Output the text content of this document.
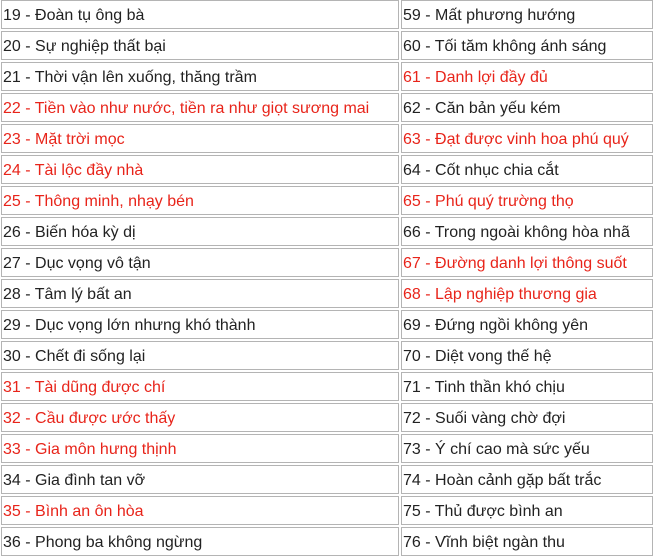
19 - Đoàn tụ ông bà	59 - Mất phương hướng
20 - Sự nghiệp thất bại	60 - Tối tăm không ánh sáng
21 - Thời vận lên xuống, thăng trầm	61 - Danh lợi đầy đủ
22 - Tiền vào như nước, tiền ra như giọt sương mai	62 - Căn bản yếu kém
23 - Mặt trời mọc	63 - Đạt được vinh hoa phú quý
24 - Tài lộc đầy nhà	64 - Cốt nhục chia cắt
25 - Thông minh, nhạy bén	65 - Phú quý trường thọ
26 - Biến hóa kỳ dị	66 - Trong ngoài không hòa nhã
27 - Dục vọng vô tận	67 - Đường danh lợi thông suốt
28 - Tâm lý bất an	68 - Lập nghiệp thương gia
29 - Dục vọng lớn nhưng khó thành	69 - Đứng ngồi không yên
30 - Chết đi sống lại	70 - Diệt vong thế hệ
31 - Tài dũng được chí	71 - Tinh thần khó chịu
32 - Cầu được ước thấy	72 - Suối vàng chờ đợi
33 - Gia môn hưng thịnh	73 - Ý chí cao mà sức yếu
34 - Gia đình tan vỡ	74 - Hoàn cảnh gặp bất trắc
35 - Bình an ôn hòa	75 - Thủ được bình an
36 - Phong ba không ngừng	76 - Vĩnh biệt ngàn thu
